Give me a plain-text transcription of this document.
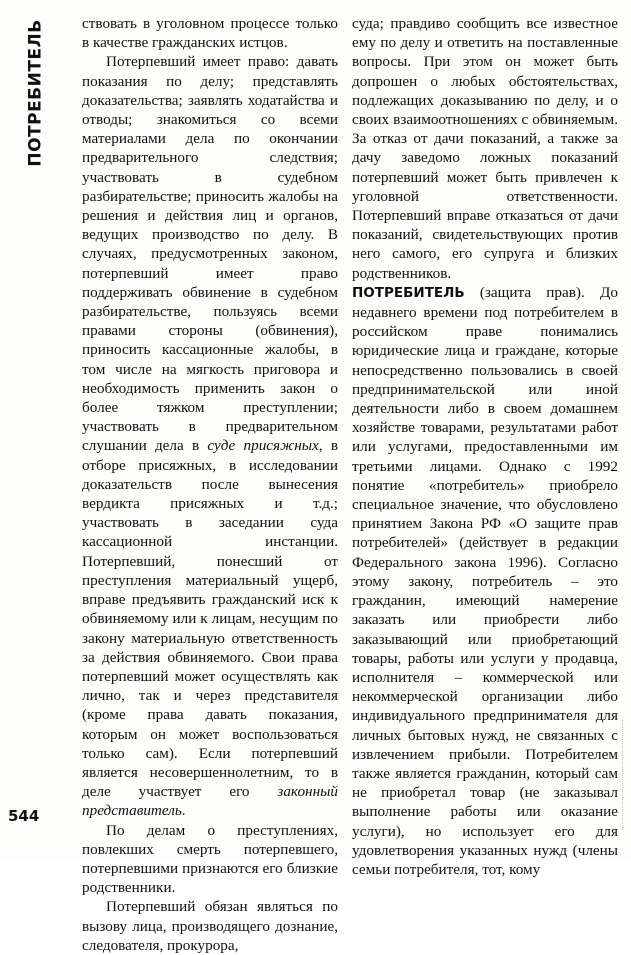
ПОТРЕБИТЕЛЬ
544

ствовать в уголовном процессе только в качестве гражданских истцов.

Потерпевший имеет право: давать показания по делу; представлять доказательства; заявлять ходатайства и отводы; знакомиться со всеми материалами дела по окончании предварительного следствия; участвовать в судебном разбирательстве; приносить жалобы на решения и действия лиц и органов, ведущих производство по делу. В случаях, предусмотренных законом, потерпевший имеет право поддерживать обвинение в судебном разбирательстве, пользуясь всеми правами стороны (обвинения), приносить кассационные жалобы, в том числе на мягкость приговора и необходимость применить закон о более тяжком преступлении; участвовать в предварительном слушании дела в суде присяжных, в отборе присяжных, в исследовании доказательств после вынесения вердикта присяжных и т.д.; участвовать в заседании суда кассационной инстанции. Потерпевший, понесший от преступления материальный ущерб, вправе предъявить гражданский иск к обвиняемому или к лицам, несущим по закону материальную ответственность за действия обвиняемого. Свои права потерпевший может осуществлять как лично, так и через представителя (кроме права давать показания, которым он может воспользоваться только сам). Если потерпевший является несовершеннолетним, то в деле участвует его законный представитель.

По делам о преступлениях, повлекших смерть потерпевшего, потерпевшими признаются его близкие родственники.

Потерпевший обязан являться по вызову лица, производящего дознание, следователя, прокурора,

суда; правдиво сообщить все известное ему по делу и ответить на поставленные вопросы. При этом он может быть допрошен о любых обстоятельствах, подлежащих доказыванию по делу, и о своих взаимоотношениях с обвиняемым. За отказ от дачи показаний, а также за дачу заведомо ложных показаний потерпевший может быть привлечен к уголовной ответственности. Потерпевший вправе отказаться от дачи показаний, свидетельствующих против него самого, его супруга и близких родственников.

ПОТРЕБИТЕЛЬ (защита прав). До недавнего времени под потребителем в российском праве понимались юридические лица и граждане, которые непосредственно пользовались в своей предпринимательской или иной деятельности либо в своем домашнем хозяйстве товарами, результатами работ или услугами, предоставленными им третьими лицами. Однако с 1992 понятие «потребитель» приобрело специальное значение, что обусловлено принятием Закона РФ «О защите прав потребителей» (действует в редакции Федерального закона 1996). Согласно этому закону, потребитель – это гражданин, имеющий намерение заказать или приобрести либо заказывающий или приобретающий товары, работы или услуги у продавца, исполнителя – коммерческой или некоммерческой организации либо индивидуального предпринимателя для личных бытовых нужд, не связанных с извлечением прибыли. Потребителем также является гражданин, который сам не приобретал товар (не заказывал выполнение работы или оказание услуги), но использует его для удовлетворения указанных нужд (члены семьи потребителя, тот, кому
